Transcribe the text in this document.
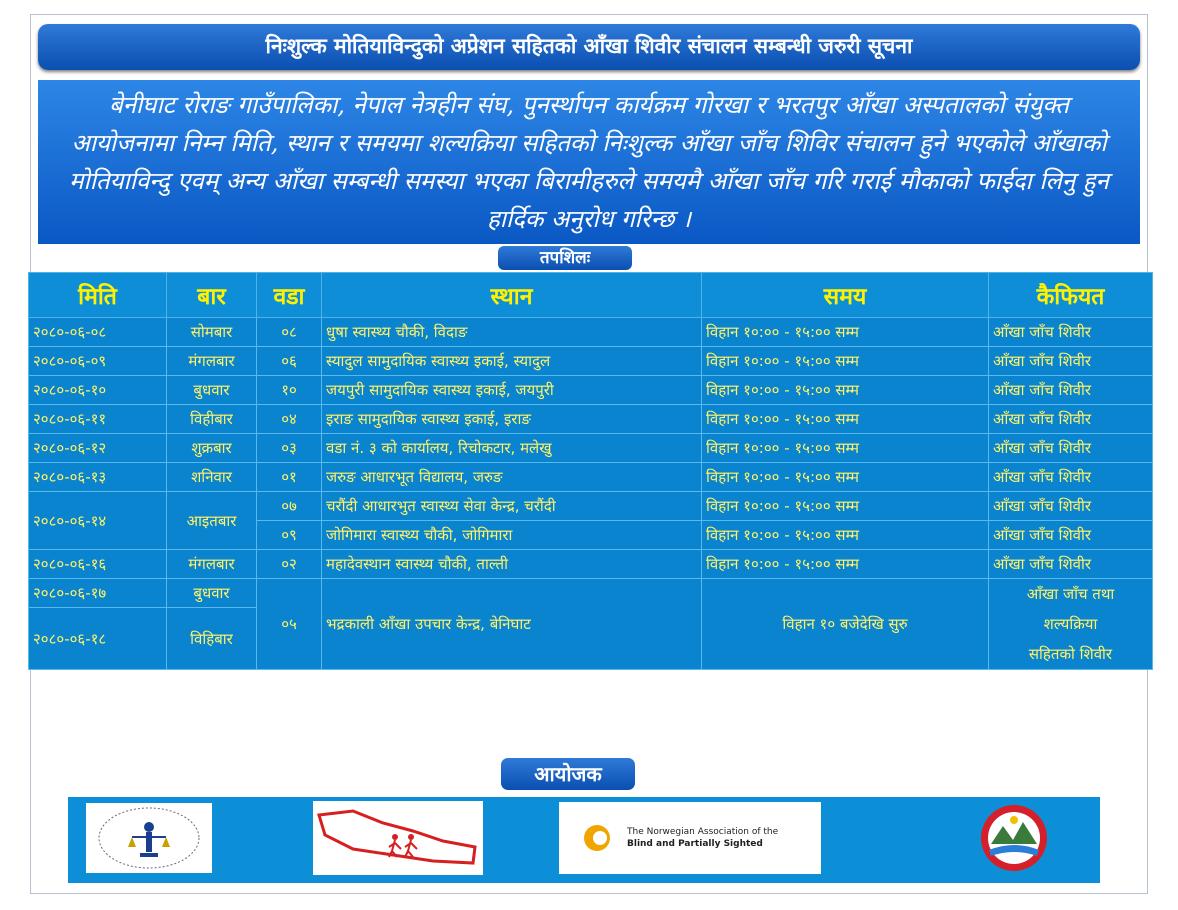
निःशुल्क मोतियाविन्दुको अप्रेशन सहितको आँखा शिवीर संचालन सम्बन्धी जरुरी सूचना
बेनीघाट रोराङ गाउँपालिका, नेपाल नेत्रहीन संघ, पुनर्स्थापन कार्यक्रम गोरखा र भरतपुर आँखा अस्पतालको संयुक्त आयोजनामा निम्न मिति, स्थान र समयमा शल्यक्रिया सहितको निःशुल्क आँखा जाँच शिविर संचालन हुने भएकोले आँखाको मोतियाविन्दु एवम् अन्य आँखा सम्बन्धी समस्या भएका बिरामीहरुले समयमै आँखा जाँच गरि गराई मौकाको फाईदा लिनु हुन हार्दिक अनुरोध गरिन्छ ।
तपशिलः
मिति	बार	वडा	स्थान	समय	कैफियत
२०८०-०६-०८	सोमबार	०८	धुषा स्वास्थ्य चौकी, विदाङ	विहान १०:०० - १५:०० सम्म	आँखा जाँच शिवीर
२०८०-०६-०९	मंगलबार	०६	स्यादुल सामुदायिक स्वास्थ्य इकाई, स्यादुल	विहान १०:०० - १५:०० सम्म	आँखा जाँच शिवीर
२०८०-०६-१०	बुधवार	१०	जयपुरी सामुदायिक स्वास्थ्य इकाई, जयपुरी	विहान १०:०० - १५:०० सम्म	आँखा जाँच शिवीर
२०८०-०६-११	विहीबार	०४	इराङ सामुदायिक स्वास्थ्य इकाई, इराङ	विहान १०:०० - १५:०० सम्म	आँखा जाँच शिवीर
२०८०-०६-१२	शुक्रबार	०३	वडा नं. ३ को कार्यालय, रिचोकटार, मलेखु	विहान १०:०० - १५:०० सम्म	आँखा जाँच शिवीर
२०८०-०६-१३	शनिवार	०१	जरुङ आधारभूत विद्यालय, जरुङ	विहान १०:०० - १५:०० सम्म	आँखा जाँच शिवीर
२०८०-०६-१४	आइतबार	०७	चरौंदी आधारभुत स्वास्थ्य सेवा केन्द्र, चरौंदी	विहान १०:०० - १५:०० सम्म	आँखा जाँच शिवीर
		०९	जोगिमारा स्वास्थ्य चौकी, जोगिमारा	विहान १०:०० - १५:०० सम्म	आँखा जाँच शिवीर
२०८०-०६-१६	मंगलबार	०२	महादेवस्थान स्वास्थ्य चौकी, ताल्ती	विहान १०:०० - १५:०० सम्म	आँखा जाँच शिवीर
२०८०-०६-१७	बुधवार	०५	भद्रकाली आँखा उपचार केन्द्र, बेनिघाट	विहान १० बजेदेखि सुरु	आँखा जाँच तथा
शल्यक्रिया
सहितको शिवीर

२०८०-०६-१८	विहिबार				
आयोजक
The Norwegian Association of the
Blind and Partially Sighted
